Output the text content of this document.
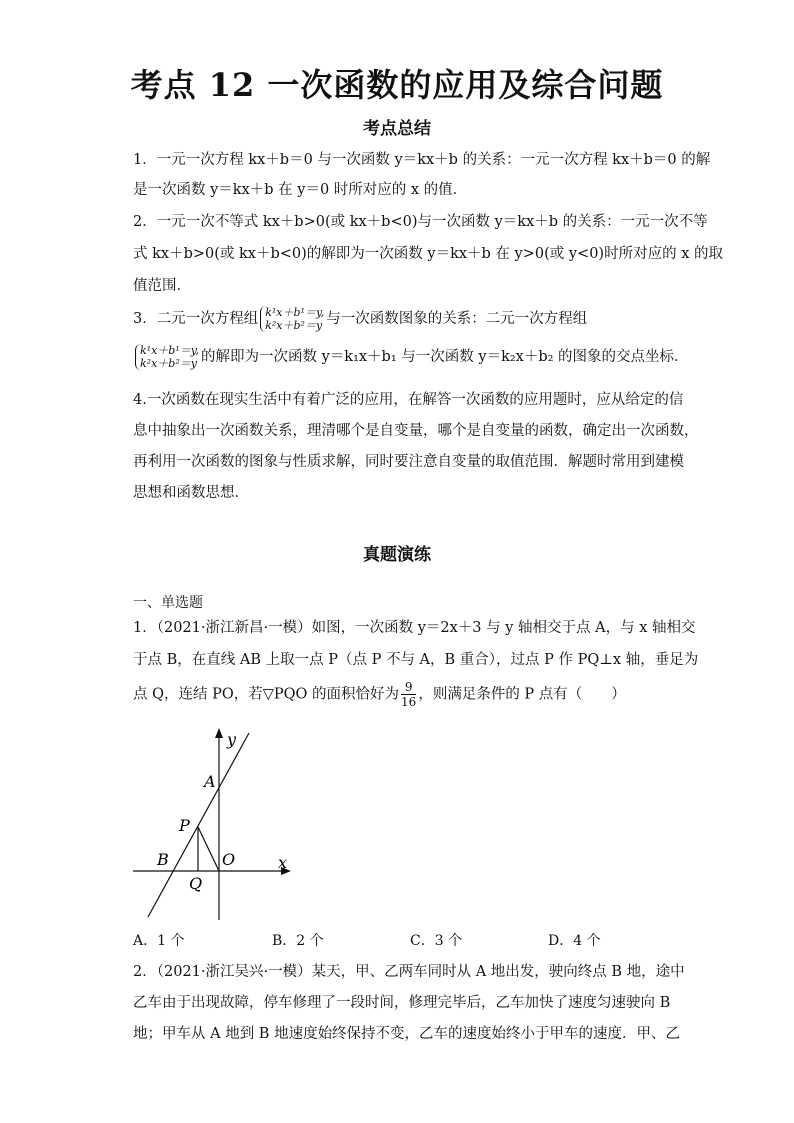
考点 12 一次函数的应用及综合问题
考点总结
1．一元一次方程 kx＋b＝0 与一次函数 y＝kx＋b 的关系：一元一次方程 kx＋b＝0 的解
是一次函数 y＝kx＋b 在 y＝0 时所对应的 x 的值．
2．一元一次不等式 kx＋b>0(或 kx＋b<0)与一次函数 y＝kx＋b 的关系：一元一次不等
式 kx＋b>0(或 kx＋b<0)的解即为一次函数 y＝kx＋b 在 y>0(或 y<0)时所对应的 x 的取
值范围．
3．二元一次方程组 k¹x＋b¹＝y,
k²x＋b²＝y 与一次函数图象的关系：二元一次方程组
k¹x＋b¹＝y,
k²x＋b²＝y 的解即为一次函数 y＝k₁x＋b₁ 与一次函数 y＝k₂x＋b₂ 的图象的交点坐标．
4.一次函数在现实生活中有着广泛的应用，在解答一次函数的应用题时，应从给定的信
息中抽象出一次函数关系，理清哪个是自变量，哪个是自变量的函数，确定出一次函数，
再利用一次函数的图象与性质求解，同时要注意自变量的取值范围．解题时常用到建模
思想和函数思想．
真题演练
一、单选题
1．（2021·浙江新昌·一模）如图，一次函数 y＝2x＋3 与 y 轴相交于点 A，与 x 轴相交
于点 B，在直线 AB 上取一点 P（点 P 不与 A，B 重合），过点 P 作 PQ⊥x 轴，垂足为
点 Q，连结 PO，若▽PQO 的面积恰好为 $\frac{9}{16}$ ，则满足条件的 P 点有（　　）
y
x
A
P
B	O
Q
A．1 个	B．2 个	C．3 个	D．4 个
2．（2021·浙江吴兴·一模）某天，甲、乙两车同时从 A 地出发，驶向终点 B 地，途中
乙车由于出现故障，停车修理了一段时间，修理完毕后，乙车加快了速度匀速驶向 B
地；甲车从 A 地到 B 地速度始终保持不变，乙车的速度始终小于甲车的速度．甲、乙
